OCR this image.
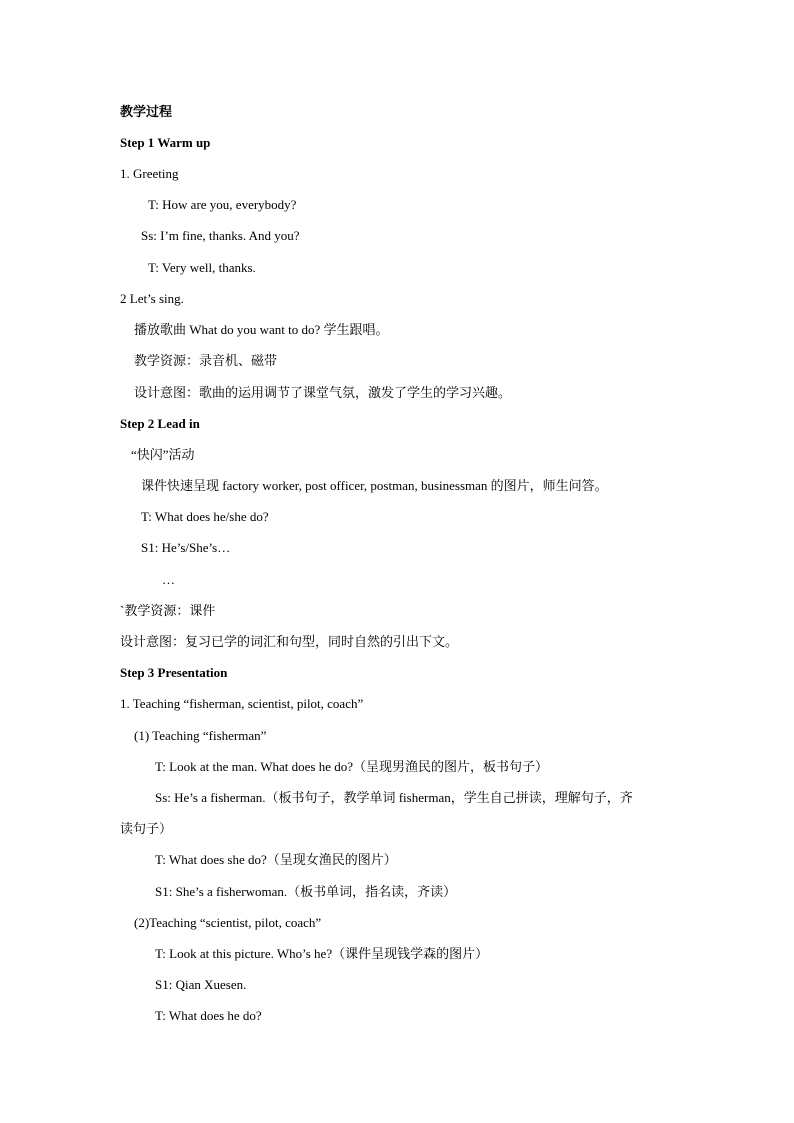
教学过程
Step 1 Warm up
1. Greeting
T: How are you, everybody?
Ss: I’m fine, thanks. And you?
T: Very well, thanks.
2 Let’s sing.
播放歌曲 What do you want to do? 学生跟唱。
教学资源：录音机、磁带
设计意图：歌曲的运用调节了课堂气氛，激发了学生的学习兴趣。
Step 2 Lead in
“快闪”活动
课件快速呈现 factory worker, post officer, postman, businessman 的图片，师生问答。
T: What does he/she do?
S1: He’s/She’s…
…
`教学资源：课件
设计意图：复习已学的词汇和句型，同时自然的引出下文。
Step 3 Presentation
1. Teaching “fisherman, scientist, pilot, coach”
(1) Teaching “fisherman”
T: Look at the man. What does he do?（呈现男渔民的图片，板书句子）
Ss: He’s a fisherman.（板书句子，教学单词 fisherman，学生自己拼读，理解句子，齐
读句子）
T: What does she do?（呈现女渔民的图片）
S1: She’s a fisherwoman.（板书单词，指名读，齐读）
(2)Teaching “scientist, pilot, coach”
T: Look at this picture. Who’s he?（课件呈现钱学森的图片）
S1: Qian Xuesen.
T: What does he do?
